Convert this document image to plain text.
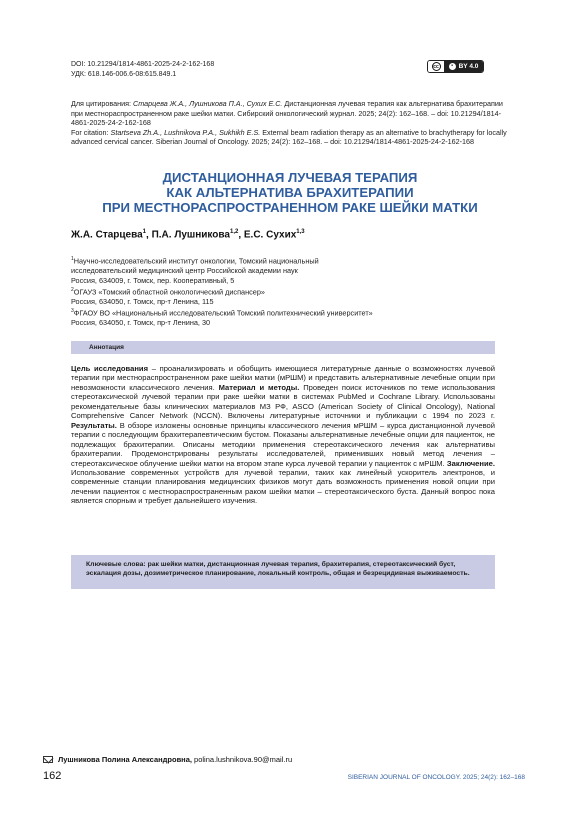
DOI: 10.21294/1814-4861-2025-24-2-162-168
УДК: 618.146-006.6-08:615.849.1
cc	• BY 4.0

Для цитирования: Старцева Ж.А., Лушникова П.А., Сухих Е.С. Дистанционная лучевая терапия как альтернатива брахитерапии при местнораспространенном раке шейки матки. Сибирский онкологический журнал. 2025; 24(2): 162–168. – doi: 10.21294/1814-4861-2025-24-2-162-168

For citation: Startseva Zh.A., Lushnikova P.A., Sukhikh E.S. External beam radiation therapy as an alternative to brachytherapy for locally advanced cervical cancer. Siberian Journal of Oncology. 2025; 24(2): 162–168. – doi: 10.21294/1814-4861-2025-24-2-162-168

ДИСТАНЦИОННАЯ ЛУЧЕВАЯ ТЕРАПИЯ
КАК АЛЬТЕРНАТИВА БРАХИТЕРАПИИ
ПРИ МЕСТНОРАСПРОСТРАНЕННОМ РАКЕ ШЕЙКИ МАТКИ
Ж.А. Старцева$^1$, П.А. Лушникова$^{1,2}$, Е.С. Сухих$^{1,3}$

$^1$Научно-исследовательский институт онкологии, Томский национальный

исследовательский медицинский центр Российской академии наук

Россия, 634009, г. Томск, пер. Кооперативный, 5

$^2$ОГАУЗ «Томский областной онкологический диспансер»

Россия, 634050, г. Томск, пр-т Ленина, 115

$^3$ФГАОУ ВО «Национальный исследовательский Томский политехнический университет»

Россия, 634050, г. Томск, пр-т Ленина, 30

Аннотация
Цель исследования – проанализировать и обобщить имеющиеся литературные данные о возможностях лучевой терапии при местнораспространенном раке шейки матки (мРШМ) и представить альтернативные лечебные опции при невозможности классического лечения. Материал и методы. Проведен поиск источников по теме использования стереотаксической лучевой терапии при раке шейки матки в системах PubMed и Cochrane Library. Использованы рекомендательные базы клинических материалов МЗ РФ, ASCO (American Society of Clinical Oncology), National Comprehensive Cancer Network (NCCN). Включены литературные источники и публикации с 1994 по 2023 г. Результаты. В обзоре изложены основные принципы классического лечения мРШМ – курса дистанционной лучевой терапии с последующим брахитерапевтическим бустом. Показаны альтернативные лечебные опции для пациенток, не подлежащих брахитерапии. Описаны методики применения стереотаксического лечения как альтернативы брахитерапии. Продемонстрированы результаты исследователей, применивших новый метод лечения – стереотаксическое облучение шейки матки на втором этапе курса лучевой терапии у пациенток с мРШМ. Заключение. Использование современных устройств для лучевой терапии, таких как линейный ускоритель электронов, и современные станции планирования медицинских физиков могут дать возможность применения новой опции при лечении пациенток с местнораспространенным раком шейки матки – стереотаксического буста. Данный вопрос пока является спорным и требует дальнейшего изучения.
Ключевые слова: рак шейки матки, дистанционная лучевая терапия, брахитерапия, стереотаксический буст, эскалация дозы, дозиметрическое планирование, локальный контроль, общая и безрецидивная выживаемость.
Лушникова Полина Александровна, polina.lushnikova.90@mail.ru
162	SIBERIAN JOURNAL OF ONCOLOGY. 2025; 24(2): 162–168
